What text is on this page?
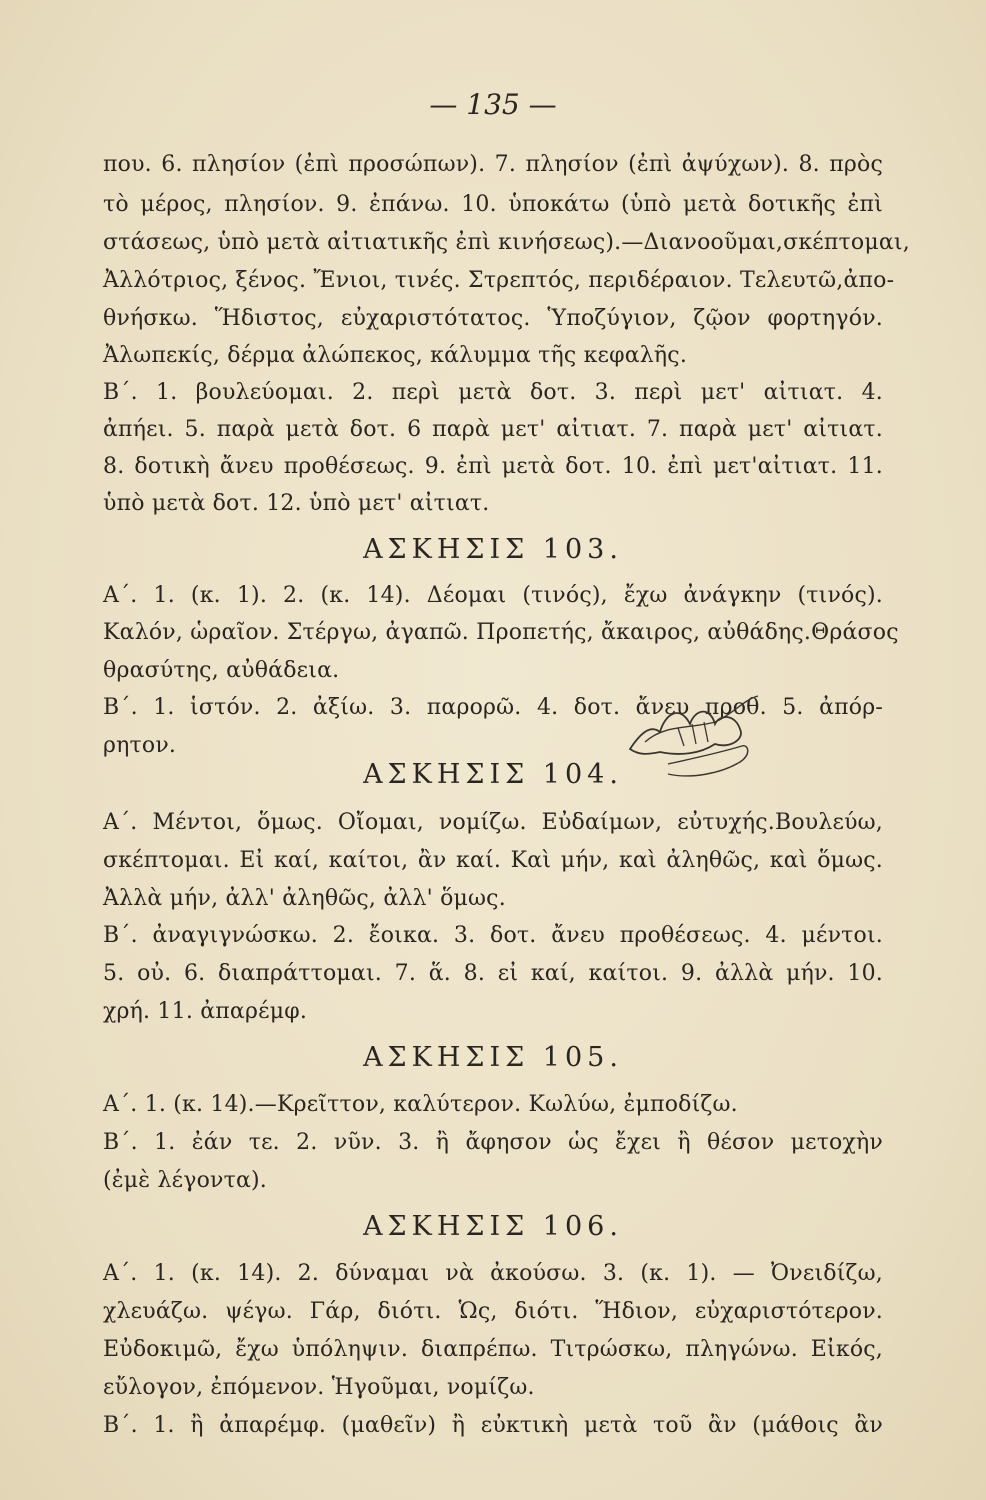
— 135 —
που. 6. πλησίον (ἐπὶ προσώπων). 7. πλησίον (ἐπὶ ἀψύχων). 8. πρὸς
τὸ μέρος, πλησίον. 9. ἐπάνω. 10. ὑποκάτω (ὑπὸ μετὰ δοτικῆς ἐπὶ
στάσεως, ὑπὸ μετὰ αἰτιατικῆς ἐπὶ κινήσεως).—Διανοοῦμαι,σκέπτομαι,
Ἀλλότριος, ξένος. Ἔνιοι, τινές. Στρεπτός, περιδέραιον. Τελευτῶ,ἀπο-
θνήσκω. Ἥδιστος, εὐχαριστότατος. Ὑποζύγιον, ζῷον φορτηγόν.
Ἀλωπεκίς, δέρμα ἀλώπεκος, κάλυμμα τῆς κεφαλῆς.
Β΄. 1. βουλεύομαι. 2. περὶ μετὰ δοτ. 3. περὶ μετ' αἰτιατ. 4.
ἀπήει. 5. παρὰ μετὰ δοτ. 6 παρὰ μετ' αἰτιατ. 7. παρὰ μετ' αἰτιατ.
8. δοτικὴ ἄνευ προθέσεως. 9. ἐπὶ μετὰ δοτ. 10. ἐπὶ μετ'αἰτιατ. 11.
ὑπὸ μετὰ δοτ. 12. ὑπὸ μετ' αἰτιατ.
ΑΣΚΗΣΙΣ 103.
Α΄. 1. (κ. 1). 2. (κ. 14). Δέομαι (τινός), ἔχω ἀνάγκην (τινός).
Καλόν, ὡραῖον. Στέργω, ἀγαπῶ. Προπετής, ἄκαιρος, αὐθάδης.Θράσος
θρασύτης, αὐθάδεια.
Β΄. 1. ἱστόν. 2. ἀξίω. 3. παρορῶ. 4. δοτ. ἄνευ προθ. 5. ἀπόρ-
ρητον.
ΑΣΚΗΣΙΣ 104.
Α΄. Μέντοι, ὅμως. Οἴομαι, νομίζω. Εὐδαίμων, εὐτυχής.Βουλεύω,
σκέπτομαι. Εἰ καί, καίτοι, ἂν καί. Καὶ μήν, καὶ ἀληθῶς, καὶ ὅμως.
Ἀλλὰ μήν, ἀλλ' ἀληθῶς, ἀλλ' ὅμως.
Β΄. ἀναγιγνώσκω. 2. ἔοικα. 3. δοτ. ἄνευ προθέσεως. 4. μέντοι.
5. οὐ. 6. διαπράττομαι. 7. ἅ. 8. εἰ καί, καίτοι. 9. ἀλλὰ μήν. 10.
χρή. 11. ἀπαρέμφ.
ΑΣΚΗΣΙΣ 105.
Α΄. 1. (κ. 14).—Κρεῖττον, καλύτερον. Κωλύω, ἐμποδίζω.
Β΄. 1. ἐάν τε. 2. νῦν. 3. ἢ ἄφησον ὡς ἔχει ἢ θέσον μετοχὴν
(ἐμὲ λέγοντα).
ΑΣΚΗΣΙΣ 106.
Α΄. 1. (κ. 14). 2. δύναμαι νὰ ἀκούσω. 3. (κ. 1). — Ὀνειδίζω,
χλευάζω. ψέγω. Γάρ, διότι. Ὡς, διότι. Ἥδιον, εὐχαριστότερον.
Εὐδοκιμῶ, ἔχω ὑπόληψιν. διαπρέπω. Τιτρώσκω, πληγώνω. Εἰκός,
εὔλογον, ἐπόμενον. Ἡγοῦμαι, νομίζω.
Β΄. 1. ἢ ἀπαρέμφ. (μαθεῖν) ἢ εὐκτικὴ μετὰ τοῦ ἂν (μάθοις ἂν
